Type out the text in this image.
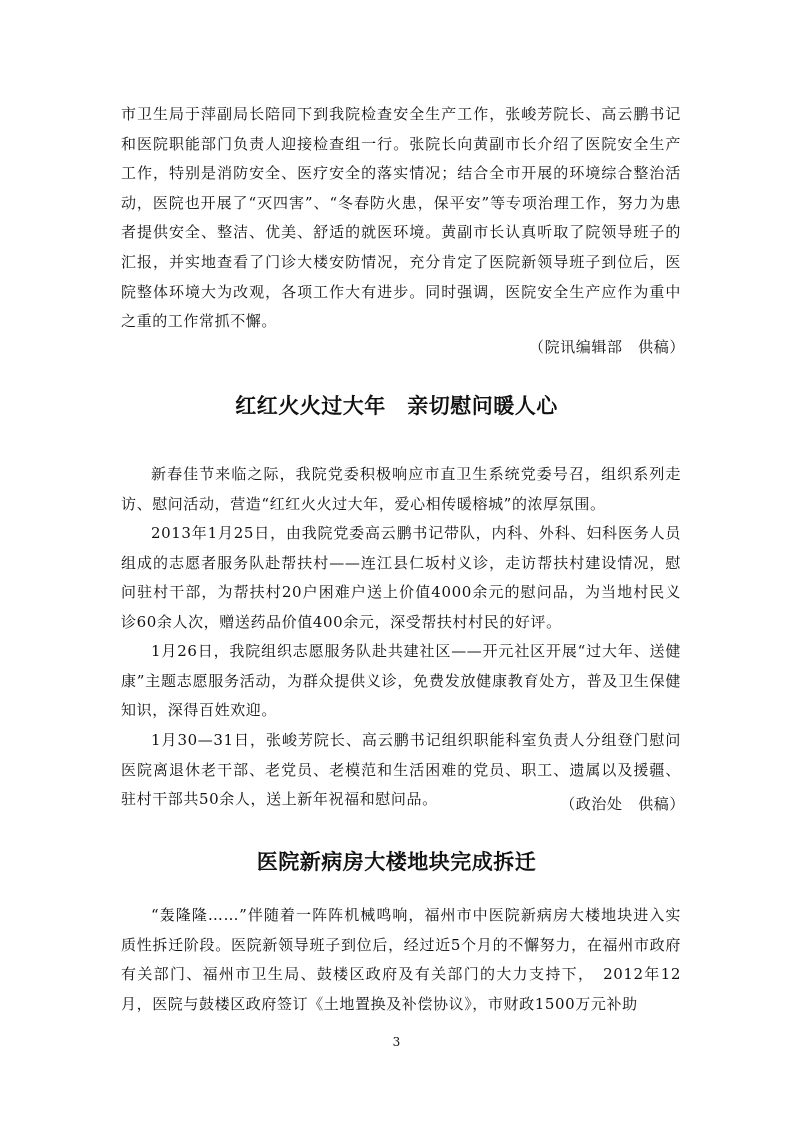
市卫生局于萍副局长陪同下到我院检查安全生产工作，张峻芳院长、高云鹏书记和医院职能部门负责人迎接检查组一行。张院长向黄副市长介绍了医院安全生产工作，特别是消防安全、医疗安全的落实情况；结合全市开展的环境综合整治活动，医院也开展了“灭四害”、“冬春防火患，保平安”等专项治理工作，努力为患者提供安全、整洁、优美、舒适的就医环境。黄副市长认真听取了院领导班子的汇报，并实地查看了门诊大楼安防情况，充分肯定了医院新领导班子到位后，医院整体环境大为改观，各项工作大有进步。同时强调，医院安全生产应作为重中之重的工作常抓不懈。

（院讯编辑部　供稿）
红红火火过大年　亲切慰问暖人心

新春佳节来临之际，我院党委积极响应市直卫生系统党委号召，组织系列走访、慰问活动，营造“红红火火过大年，爱心相传暖榕城”的浓厚氛围。

2013年1月25日，由我院党委高云鹏书记带队，内科、外科、妇科医务人员组成的志愿者服务队赴帮扶村——连江县仁坂村义诊，走访帮扶村建设情况，慰问驻村干部，为帮扶村20户困难户送上价值4000余元的慰问品，为当地村民义诊60余人次，赠送药品价值400余元，深受帮扶村村民的好评。

1月26日，我院组织志愿服务队赴共建社区——开元社区开展“过大年、送健康”主题志愿服务活动，为群众提供义诊，免费发放健康教育处方，普及卫生保健知识，深得百姓欢迎。

1月30—31日，张峻芳院长、高云鹏书记组织职能科室负责人分组登门慰问医院离退休老干部、老党员、老模范和生活困难的党员、职工、遗属以及援疆、驻村干部共50余人，送上新年祝福和慰问品。	（政治处　供稿）
医院新病房大楼地块完成拆迁

“轰隆隆……”伴随着一阵阵机械鸣响，福州市中医院新病房大楼地块进入实质性拆迁阶段。医院新领导班子到位后，经过近5个月的不懈努力，在福州市政府有关部门、福州市卫生局、鼓楼区政府及有关部门的大力支持下，　2012年12月，医院与鼓楼区政府签订《土地置换及补偿协议》，市财政1500万元补助

3
